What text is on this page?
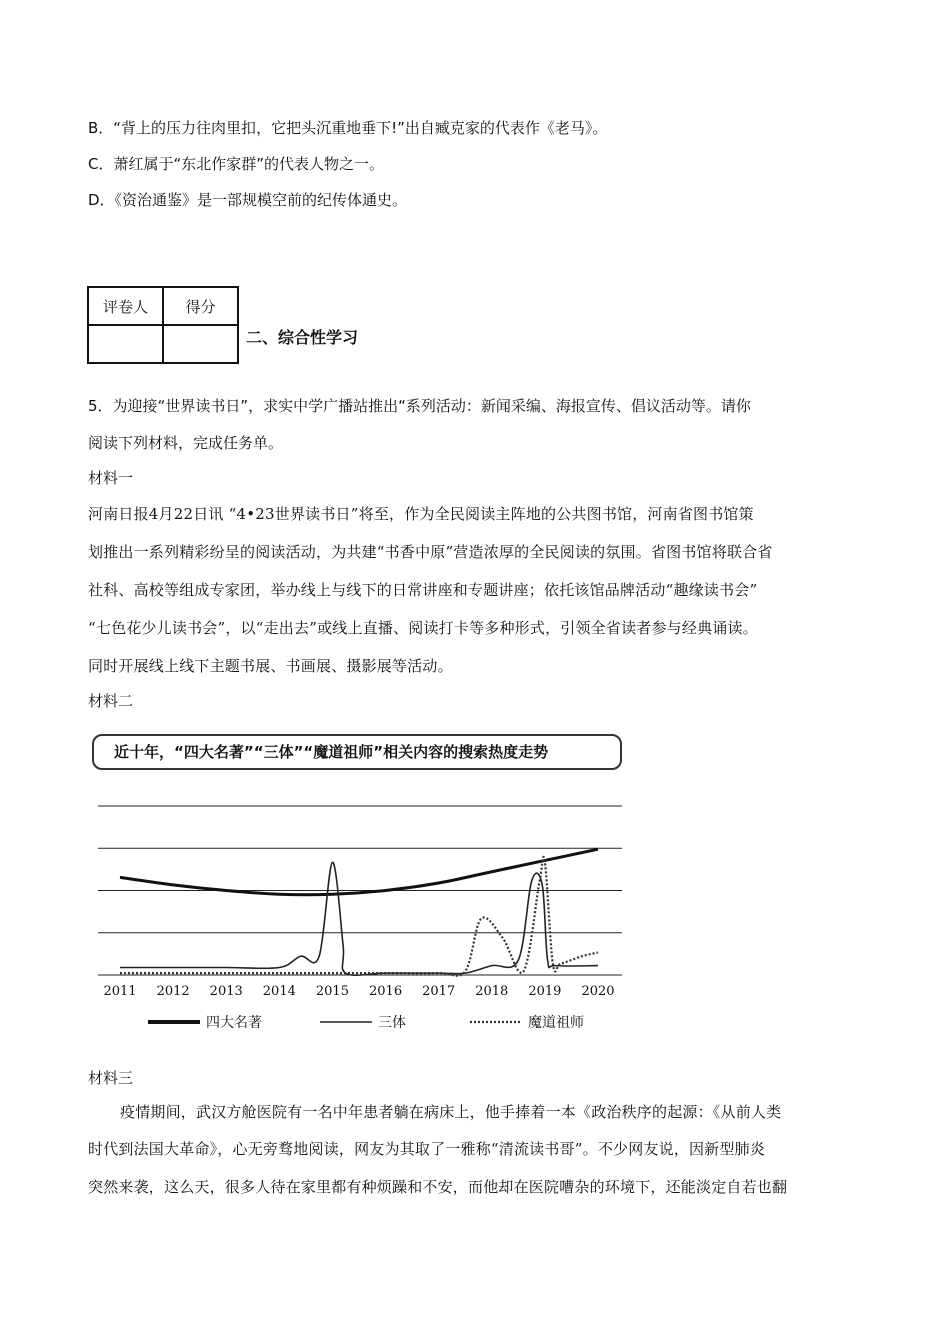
B．“背上的压力往肉里扣，它把头沉重地垂下!”出自臧克家的代表作《老马》。
C．萧红属于“东北作家群”的代表人物之一。
D．《资治通鉴》是一部规模空前的纪传体通史。
评卷人	得分

二、综合性学习
5．为迎接“世界读书日”，求实中学广播站推出“系列活动：新闻采编、海报宣传、倡议活动等。请你
阅读下列材料，完成任务单。
材料一
河南日报4月22日讯 “4•23世界读书日”将至，作为全民阅读主阵地的公共图书馆，河南省图书馆策
划推出一系列精彩纷呈的阅读活动，为共建“书香中原”营造浓厚的全民阅读的氛围。省图书馆将联合省
社科、高校等组成专家团，举办线上与线下的日常讲座和专题讲座；依托该馆品牌活动“趣缘读书会”
“七色花少儿读书会”，以“走出去”或线上直播、阅读打卡等多种形式，引领全省读者参与经典诵读。
同时开展线上线下主题书展、书画展、摄影展等活动。
材料二
近十年，“四大名著”“三体”“魔道祖师”相关内容的搜索热度走势
2011 2012 2013 2014 2015 2016 2017 2018 2019 2020
四大名著	三体	魔道祖师
材料三
疫情期间，武汉方舱医院有一名中年患者躺在病床上，他手捧着一本《政治秩序的起源：《从前人类
时代到法国大革命》，心无旁骛地阅读，网友为其取了一雅称“清流读书哥”。不少网友说，因新型肺炎
突然来袭，这么天，很多人待在家里都有种烦躁和不安，而他却在医院嘈杂的环境下，还能淡定自若也翻
